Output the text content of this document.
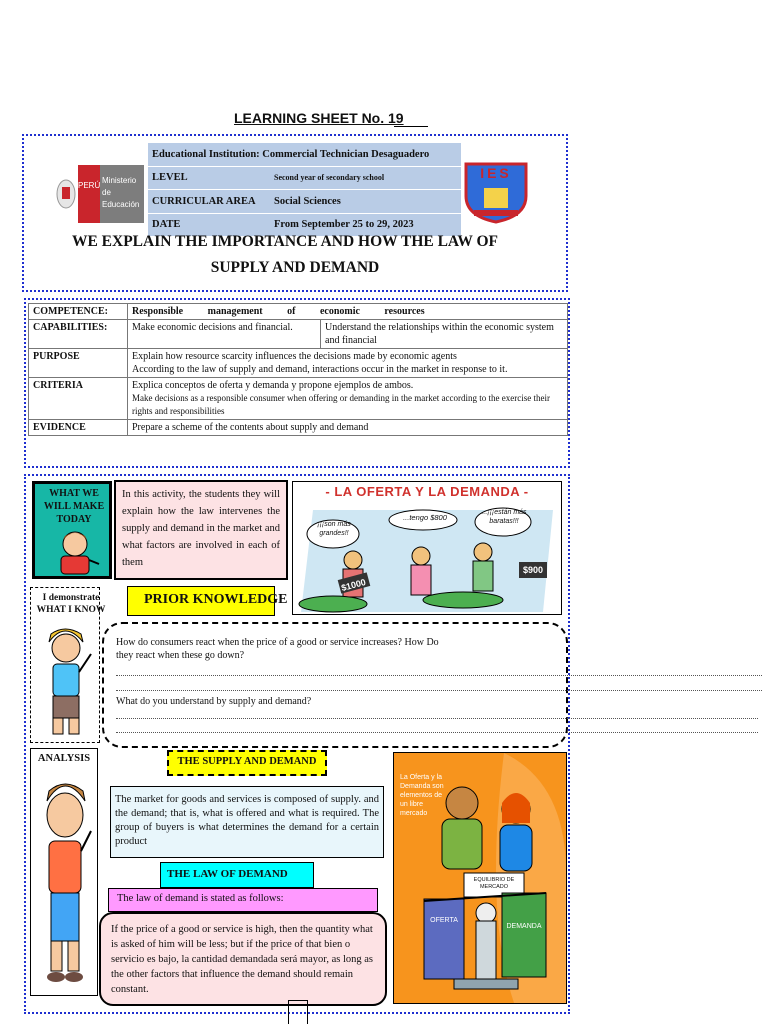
LEARNING SHEET No. 19
PERÚ
Ministerio de Educación
Educational Institution: Commercial Technician Desaguadero
LEVEL	Second year of secondary school
CURRICULAR AREA	Social Sciences
DATE	From September 25 to 29, 2023
IES
WE EXPLAIN THE IMPORTANCE AND HOW THE LAW OF
SUPPLY AND DEMAND
COMPETENCE:	Responsible management of economic resources	
CAPABILITIES:	Make economic decisions and financial.	Understand the relationships within the economic system and financial
PURPOSE	Explain how resource scarcity influences the decisions made by economic agents
According to the law of supply and demand, interactions occur in the market in response to it.	

CRITERIA	Explica conceptos de oferta y demanda y propone ejemplos de ambos.
Make decisions as a responsible consumer when offering or demanding in the market according to the exercise their rights and responsibilities	

EVIDENCE	Prepare a scheme of the contents about supply and demand	
WHAT WE WILL MAKE TODAY
In this activity, the students they will explain how the law intervenes the supply and demand in the market and what factors are involved in each of them
- LA OFERTA Y LA DEMANDA -
¡¡¡son más grandes!!
...tengo $800
...¡¡¡están más baratas!!!
$1000
$900
I demonstrate WHAT I KNOW
PRIOR KNOWLEDGE
How do consumers react when the price of a good or service increases? How Do they react when these go down?
What do you understand by supply and demand?
ANALYSIS	THE SUPPLY AND DEMAND
The market for goods and services is composed of supply. and the demand; that is, what is offered and what is required. The group of buyers is what determines the demand for a certain product
THE LAW OF DEMAND
The law of demand is stated as follows:
If the price of a good or service is high, then the quantity what is asked of him will be less; but if the price of that bien o servicio es bajo, la cantidad demandada será mayor, as long as the other factors that influence the demand should remain constant.
La Oferta y la Demanda son elementos de un libre mercado
EQUILIBRIO DE MERCADO
OFERTA
DEMANDA
